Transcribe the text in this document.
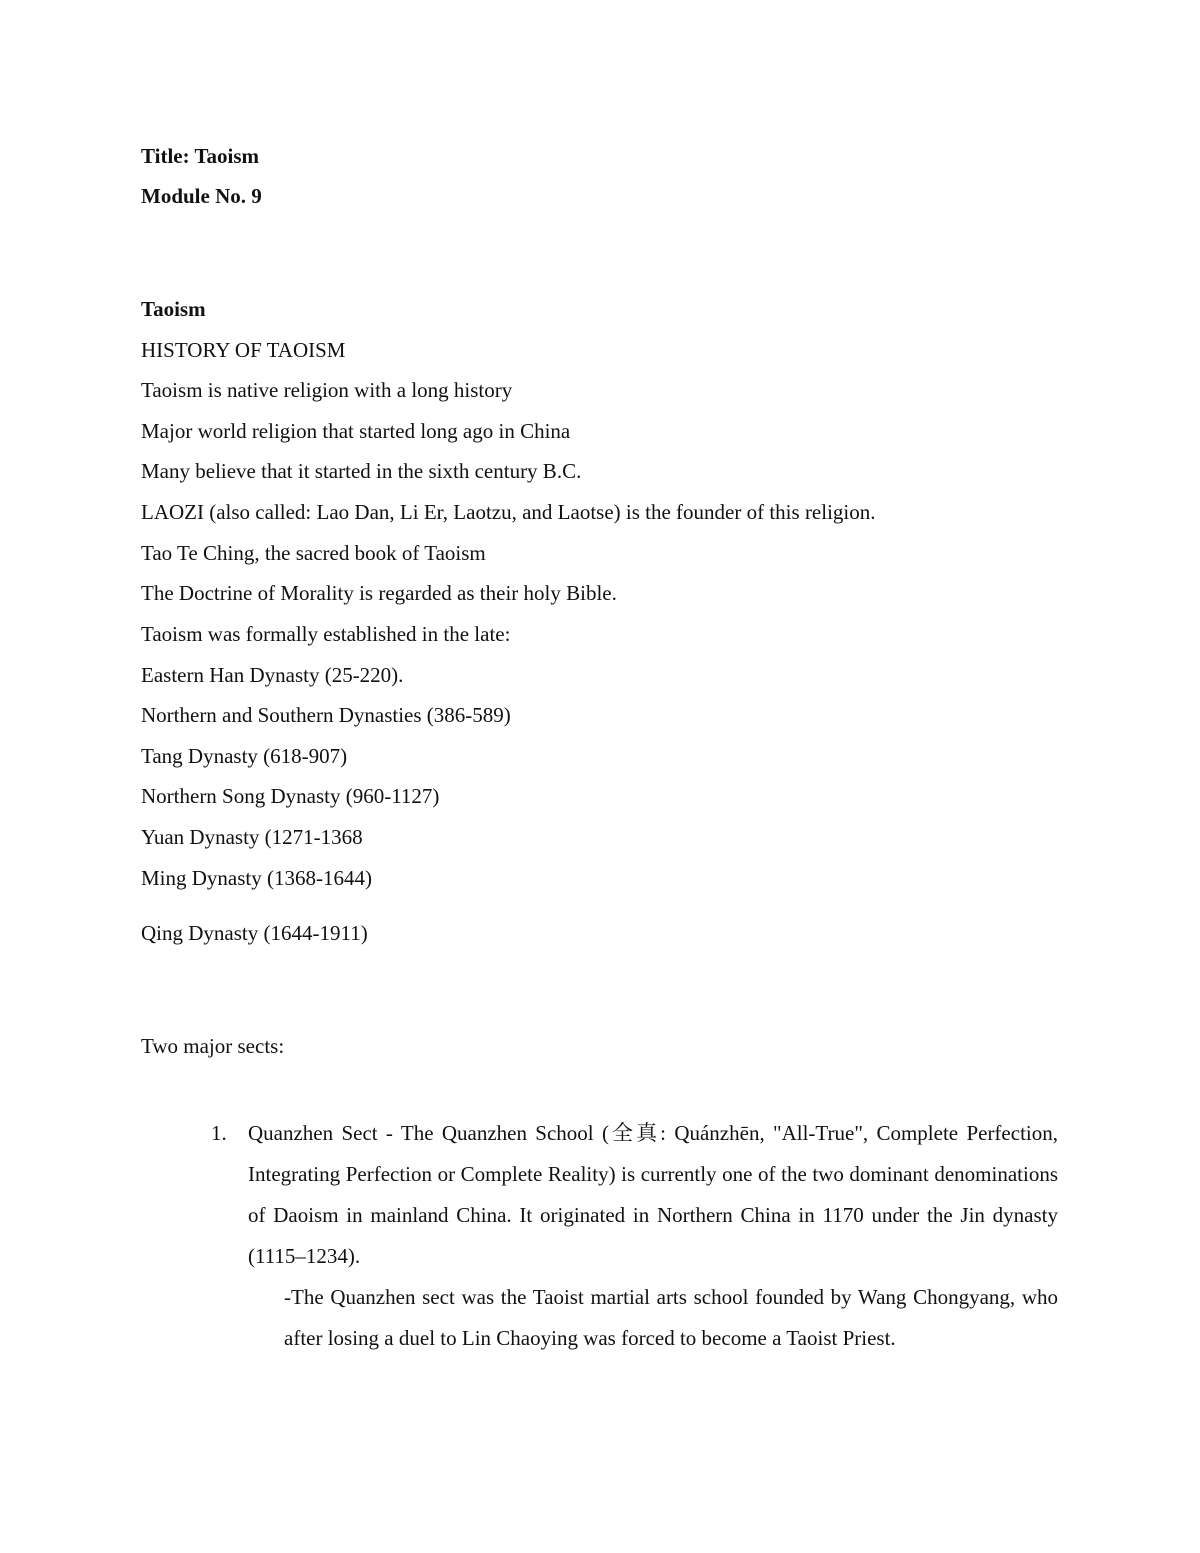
Title: Taoism
Module No. 9
Taoism
HISTORY OF TAOISM
Taoism is native religion with a long history
Major world religion that started long ago in China
Many believe that it started in the sixth century B.C.
LAOZI (also called: Lao Dan, Li Er, Laotzu, and Laotse) is the founder of this religion.
Tao Te Ching, the sacred book of Taoism
The Doctrine of Morality is regarded as their holy Bible.
Taoism was formally established in the late:
Eastern Han Dynasty (25-220).
Northern and Southern Dynasties (386-589)
Tang Dynasty (618-907)
Northern Song Dynasty (960-1127)
Yuan Dynasty (1271-1368
Ming Dynasty (1368-1644)
Qing Dynasty (1644-1911)
Two major sects:
1. Quanzhen Sect - The Quanzhen School (全真: Quánzhēn, "All-True", Complete Perfection, Integrating Perfection or Complete Reality) is currently one of the two dominant denominations of Daoism in mainland China. It originated in Northern China in 1170 under the Jin dynasty (1115–1234).
-The Quanzhen sect was the Taoist martial arts school founded by Wang Chongyang, who after losing a duel to Lin Chaoying was forced to become a Taoist Priest.
